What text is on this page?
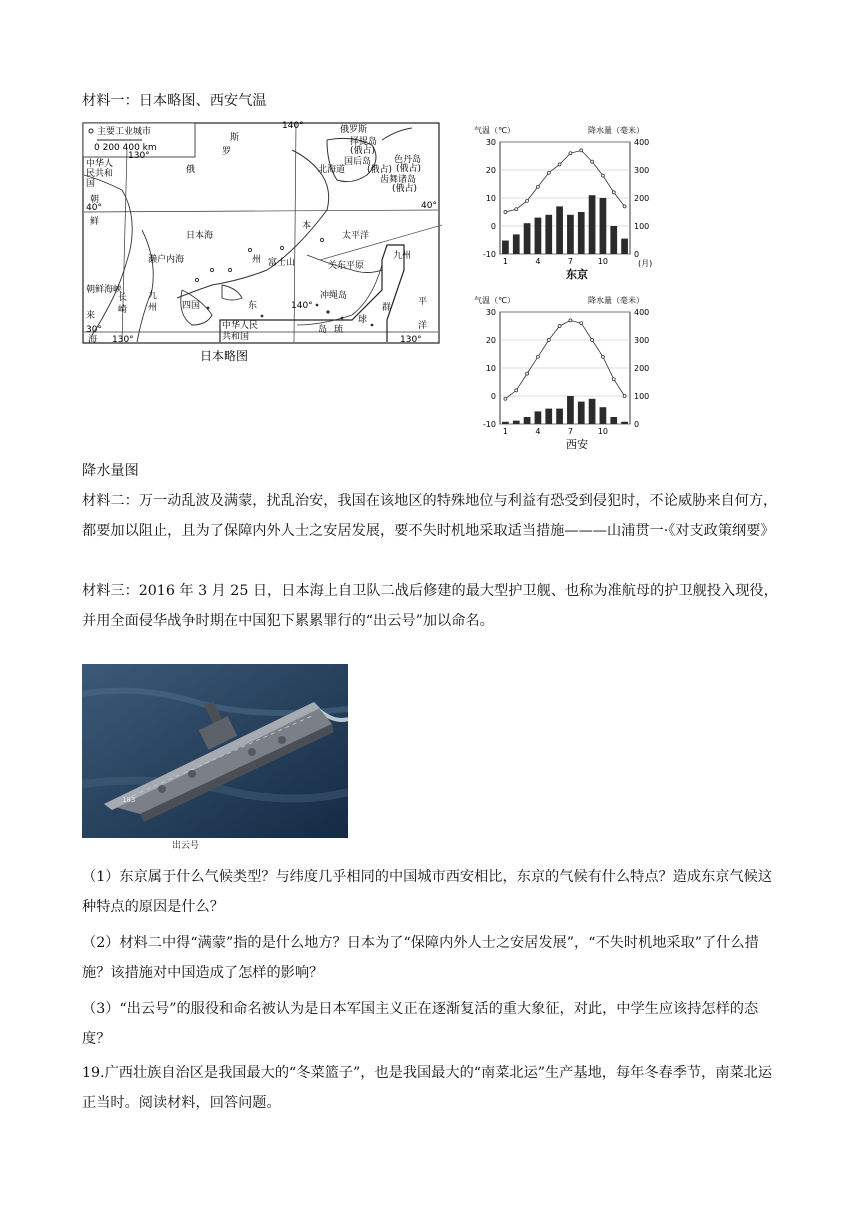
材料一：日本略图、西安气温

主要工业城市
0 200 400 km
140°
130°
40°	40°
30°
140°
130°	130°
中华人
民共和
国
朝
鲜
斯
罗
俄
俄罗斯
择捉岛
(俄占)
国后岛
(俄占)
色丹岛
(俄占)
齿舞诸岛
(俄占)
北海道
日本海	太平洋
本
州 富士山	关东平原
濑户内海
长
崎
朝鲜海峡
九
州	四国
中华人民
共和国
冲绳岛
琉
球
群
九州
岛
东
海
平
洋
来
日本略图
气温（℃）	降水量（毫米）
东京
(月)
-10
0
10
20
30
0
100
200
300
400
1	4	7	10
气温（℃）	降水量（毫米）
西安
-10
0
10
20
30
0
100
200
300
400
1	4	7	10

降水量图

材料二：万一动乱波及满蒙，扰乱治安，我国在该地区的特殊地位与利益有恐受到侵犯时，不论威胁来自何方，都要加以阻止，且为了保障内外人士之安居发展，要不失时机地采取适当措施———山浦贯一·《对支政策纲要》

材料三：2016 年 3 月 25 日，日本海上自卫队二战后修建的最大型护卫舰、也称为准航母的护卫舰投入现役，并用全面侵华战争时期在中国犯下累累罪行的“出云号”加以命名。

183
出云号

（1）东京属于什么气候类型？与纬度几乎相同的中国城市西安相比，东京的气候有什么特点？造成东京气候这种特点的原因是什么？

（2）材料二中得“满蒙”指的是什么地方？日本为了“保障内外人士之安居发展”，“不失时机地采取”了什么措施？该措施对中国造成了怎样的影响？

（3）“出云号”的服役和命名被认为是日本军国主义正在逐渐复活的重大象征，对此，中学生应该持怎样的态度？

19.广西壮族自治区是我国最大的“冬菜篮子”，也是我国最大的“南菜北运”生产基地，每年冬春季节，南菜北运正当时。阅读材料，回答问题。
